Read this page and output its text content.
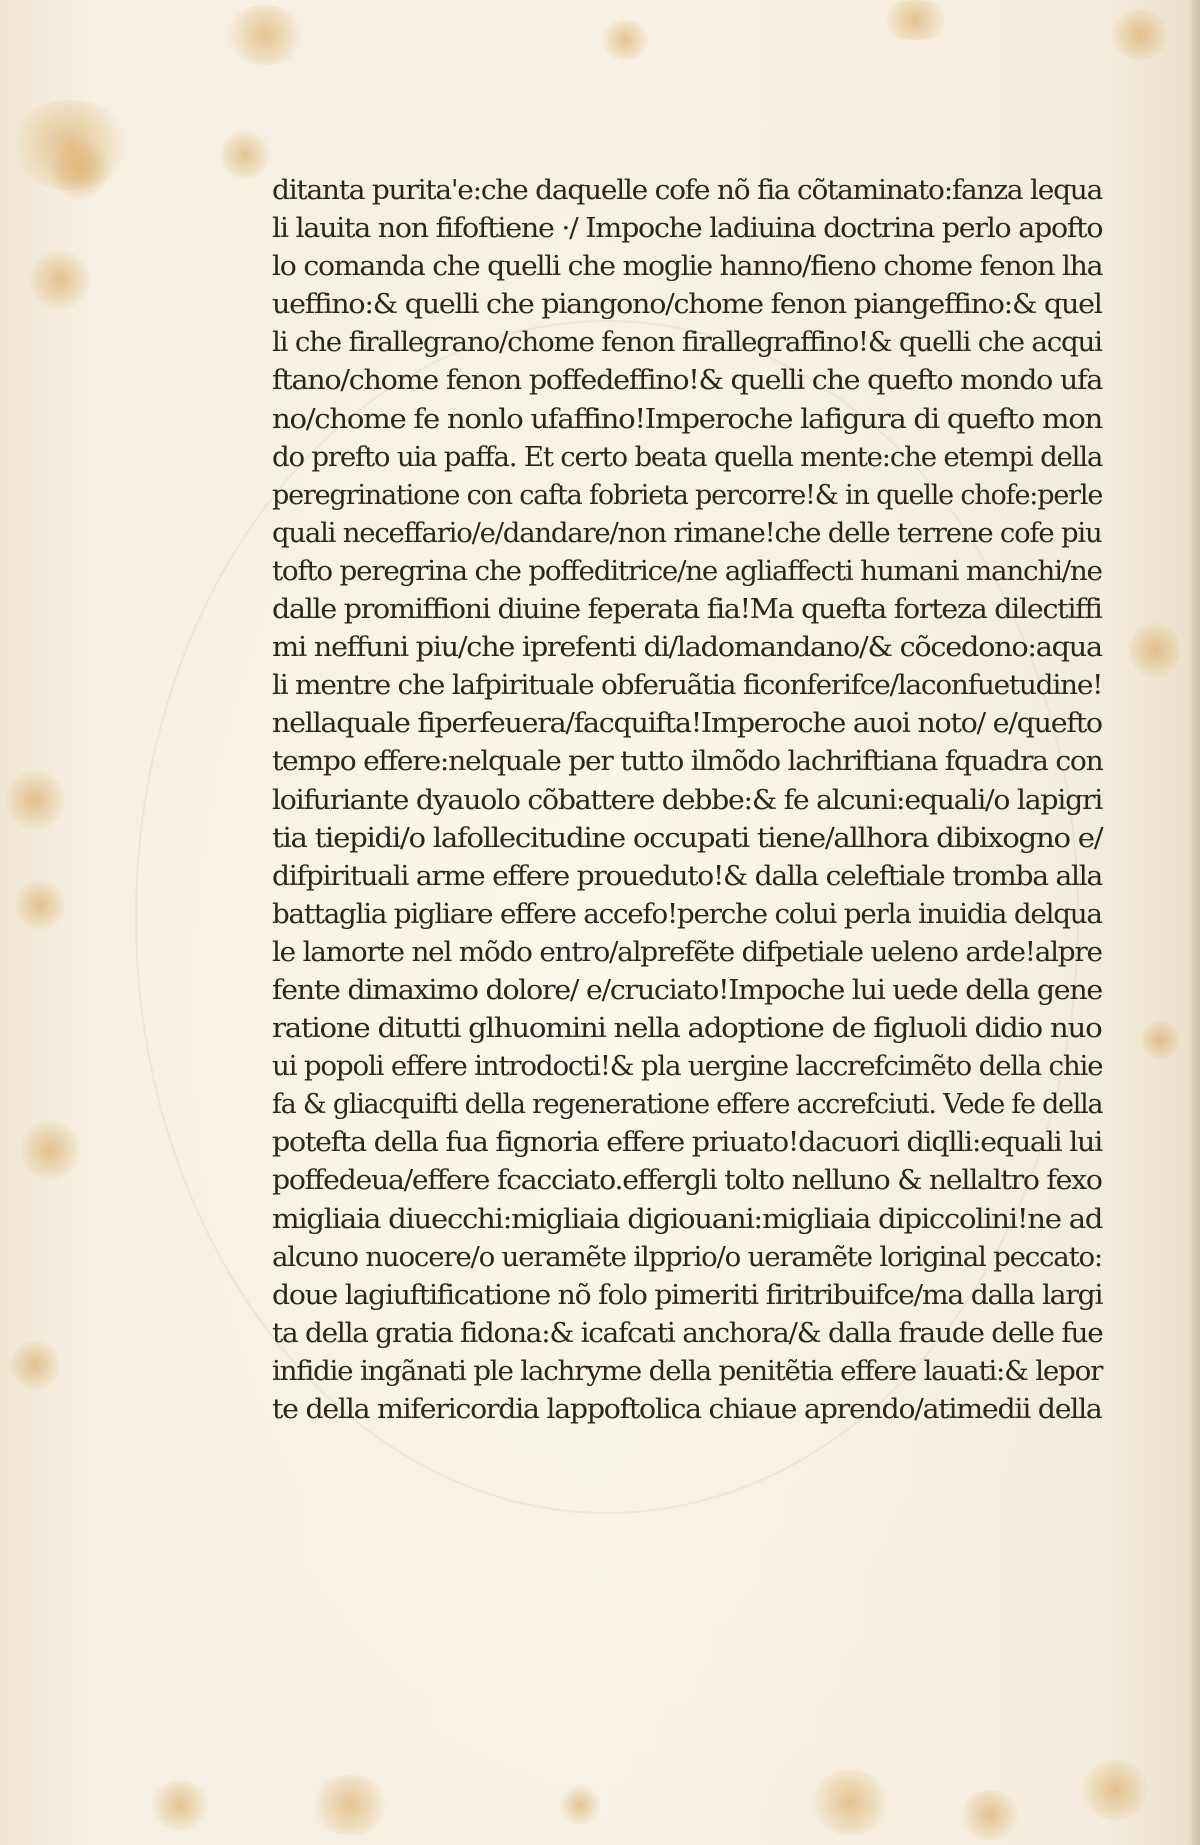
ditanta purita'e:che daquelle cofe nõ fia cõtaminato:fanza lequa
li lauita non fifoftiene ·/ Impoche ladiuina doctrina perlo apofto
lo comanda che quelli che moglie hanno/fieno chome fenon lha
ueffino:& quelli che piangono/chome fenon piangeffino:& quel
li che firallegrano/chome fenon firallegraffino!& quelli che acqui
ftano/chome fenon poffedeffino!& quelli che quefto mondo ufa
no/chome fe nonlo ufaffino!Imperoche lafigura di quefto mon
do prefto uia paffa. Et certo beata quella mente:che etempi della
peregrinatione con cafta fobrieta percorre!& in quelle chofe:perle
quali neceffario/e/dandare/non rimane!che delle terrene cofe piu
tofto peregrina che poffeditrice/ne agliaffecti humani manchi/ne
dalle promiffioni diuine feperata fia!Ma quefta forteza dilectiffi
mi neffuni piu/che iprefenti di/ladomandano/& cõcedono:aqua
li mentre che lafpirituale obferuãtia ficonferifce/laconfuetudine!
nellaquale fiperfeuera/facquifta!Imperoche auoi noto/ e/quefto
tempo effere:nelquale per tutto ilmõdo lachriftiana fquadra con
loifuriante dyauolo cõbattere debbe:& fe alcuni:equali/o lapigri
tia tiepidi/o lafollecitudine occupati tiene/allhora dibixogno e/
difpirituali arme effere proueduto!& dalla celeftiale tromba alla
battaglia pigliare effere accefo!perche colui perla inuidia delqua
le lamorte nel mõdo entro/alprefẽte difpetiale ueleno arde!alpre
fente dimaximo dolore/ e/cruciato!Impoche lui uede della gene
ratione ditutti glhuomini nella adoptione de figluoli didio nuo
ui popoli effere introdocti!& pla uergine laccrefcimẽto della chie
fa & gliacquifti della regeneratione effere accrefciuti. Vede fe della
potefta della fua fignoria effere priuato!dacuori diqlli:equali lui
poffedeua/effere fcacciato.effergli tolto nelluno & nellaltro fexo
migliaia diuecchi:migliaia digiouani:migliaia dipiccolini!ne ad
alcuno nuocere/o ueramẽte ilpprio/o ueramẽte loriginal peccato:
doue lagiuftificatione nõ folo pimeriti firitribuifce/ma dalla largi
ta della gratia fidona:& icafcati anchora/& dalla fraude delle fue
infidie ingãnati ple lachryme della penitẽtia effere lauati:& lepor
te della mifericordia lappoftolica chiaue aprendo/atimedii della
